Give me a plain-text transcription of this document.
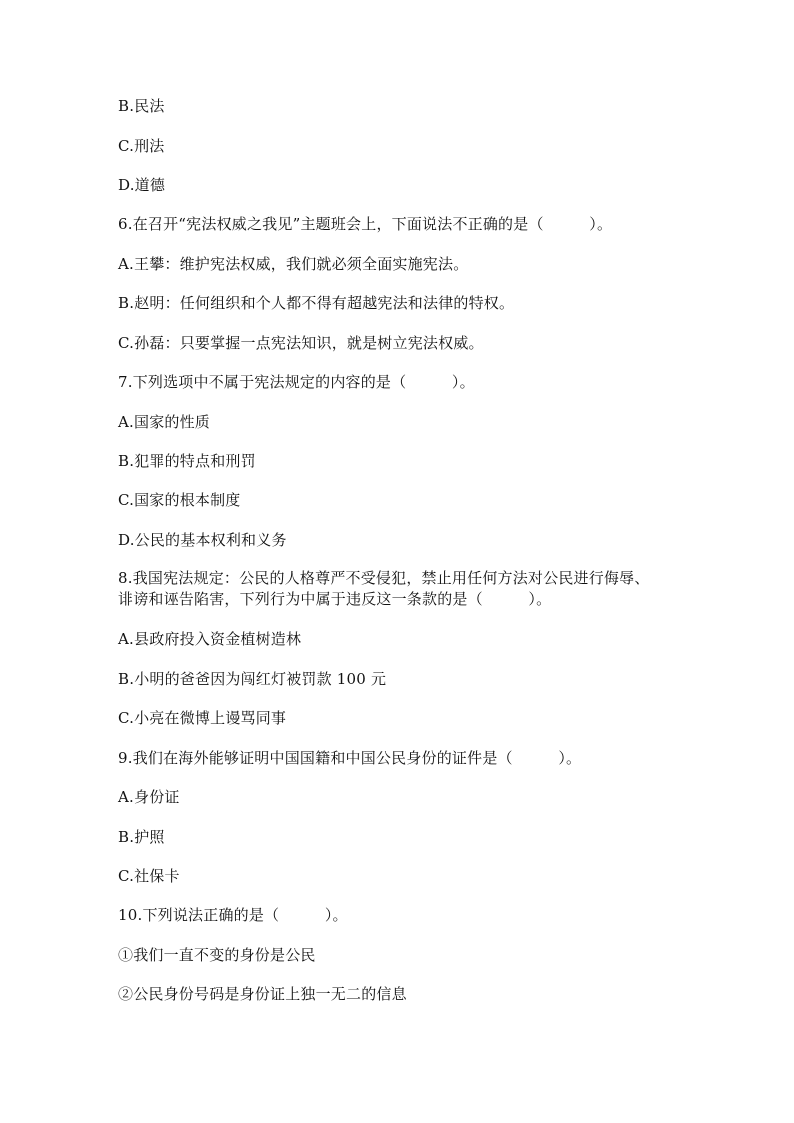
B.民法
C.刑法
D.道德
6.在召开“宪法权威之我见”主题班会上，下面说法不正确的是（　　　）。
A.王攀：维护宪法权威，我们就必须全面实施宪法。
B.赵明：任何组织和个人都不得有超越宪法和法律的特权。
C.孙磊：只要掌握一点宪法知识，就是树立宪法权威。
7.下列选项中不属于宪法规定的内容的是（　　　）。
A.国家的性质
B.犯罪的特点和刑罚
C.国家的根本制度
D.公民的基本权利和义务
8.我国宪法规定：公民的人格尊严不受侵犯，禁止用任何方法对公民进行侮辱、诽谤和诬告陷害，下列行为中属于违反这一条款的是（　　　）。
A.县政府投入资金植树造林
B.小明的爸爸因为闯红灯被罚款 100 元
C.小亮在微博上谩骂同事
9.我们在海外能够证明中国国籍和中国公民身份的证件是（　　　）。
A.身份证
B.护照
C.社保卡
10.下列说法正确的是（　　　）。
①我们一直不变的身份是公民
②公民身份号码是身份证上独一无二的信息
